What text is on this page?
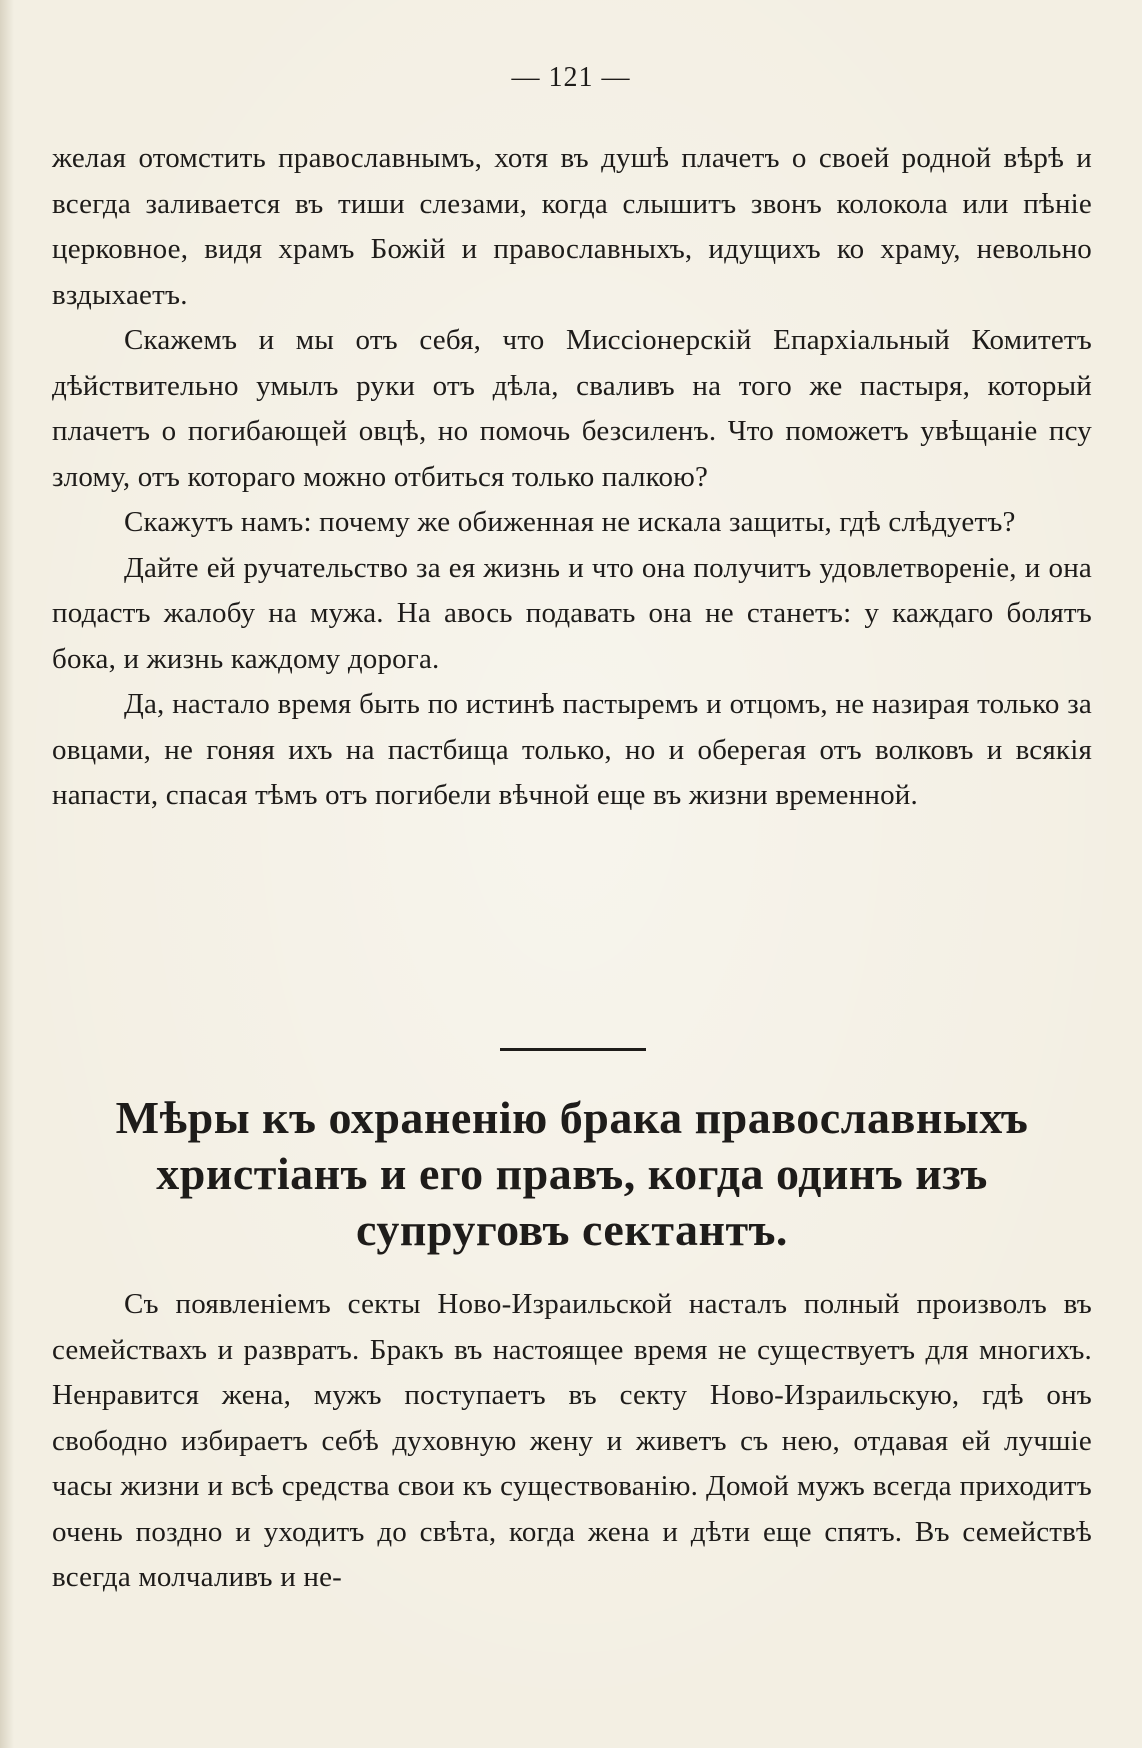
— 121 —

желая отомстить православнымъ, хотя въ душѣ плачетъ о своей родной вѣрѣ и всегда заливается въ тиши слезами, когда слышитъ звонъ колокола или пѣніе церковное, видя храмъ Божій и православныхъ, идущихъ ко храму, невольно вздыхаетъ.

Скажемъ и мы отъ себя, что Миссіонерскій Епархіальный Комитетъ дѣйствительно умылъ руки отъ дѣла, сваливъ на того же пастыря, который плачетъ о погибающей овцѣ, но помочь безсиленъ. Что поможетъ увѣщаніе псу злому, отъ котораго можно отбиться только палкою?

Скажутъ намъ: почему же обиженная не искала защиты, гдѣ слѣдуетъ?

Дайте ей ручательство за ея жизнь и что она получитъ удовлетвореніе, и она подастъ жалобу на мужа. На авось подавать она не станетъ: у каждаго болятъ бока, и жизнь каждому дорога.

Да, настало время быть по истинѣ пастыремъ и отцомъ, не назирая только за овцами, не гоняя ихъ на пастбища только, но и оберегая отъ волковъ и всякія напасти, спасая тѣмъ отъ погибели вѣчной еще въ жизни временной.

Мѣры къ охраненію брака православныхъ христіанъ и его правъ, когда одинъ изъ супруговъ сектантъ.

Съ появленіемъ секты Ново-Израильской насталъ полный произволъ въ семействахъ и развратъ. Бракъ въ настоящее время не существуетъ для многихъ. Ненравится жена, мужъ поступаетъ въ секту Ново-Израильскую, гдѣ онъ свободно избираетъ себѣ духовную жену и живетъ съ нею, отдавая ей лучшіе часы жизни и всѣ средства свои къ существованію. Домой мужъ всегда приходитъ очень поздно и уходитъ до свѣта, когда жена и дѣти еще спятъ. Въ семействѣ всегда молчаливъ и не-
